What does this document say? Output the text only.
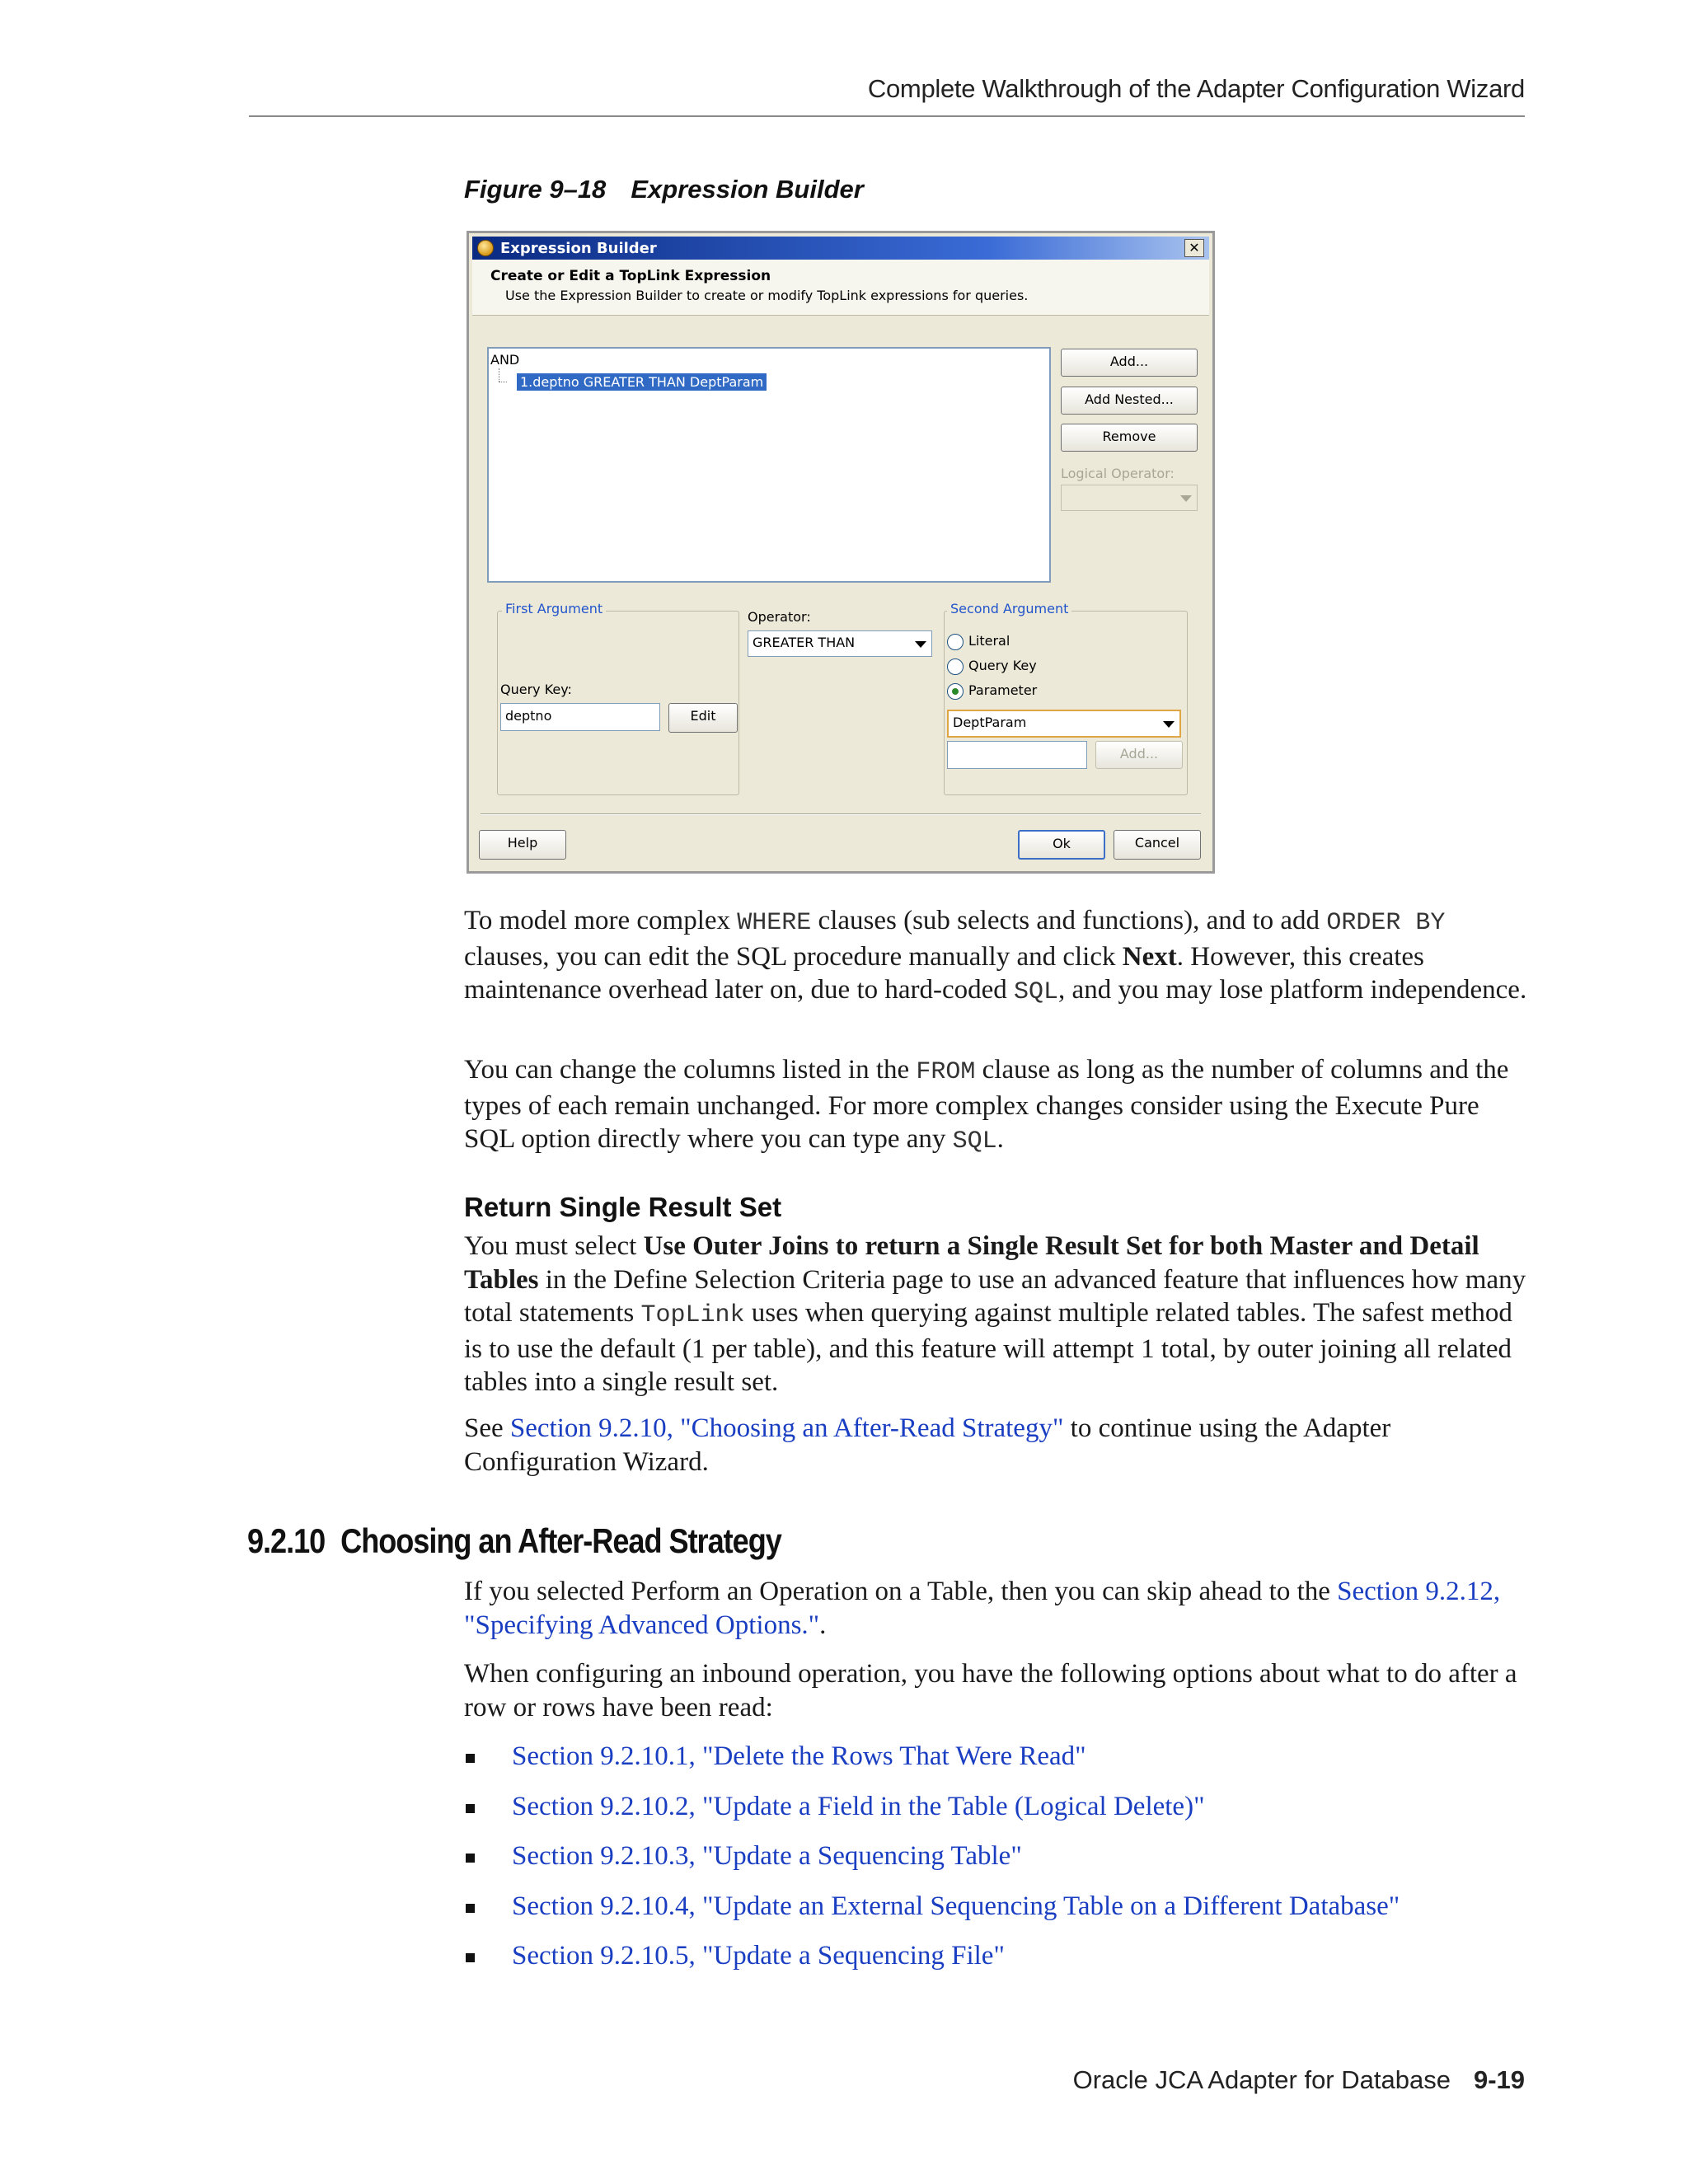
Complete Walkthrough of the Adapter Configuration Wizard
Figure 9–18 Expression Builder
Expression Builder	✕
Create or Edit a TopLink Expression
Use the Expression Builder to create or modify TopLink expressions for queries.
AND
1.deptno GREATER THAN DeptParam
Add...
Add Nested...
Remove
Logical Operator:
First Argument
Query Key:
deptno	Edit
Operator:
GREATER THAN
Second Argument
Literal
Query Key
Parameter
DeptParam
Add...
Help	Ok	Cancel

To model more complex WHERE clauses (sub selects and functions), and to add ORDER BY clauses, you can edit the SQL procedure manually and click Next. However, this creates maintenance overhead later on, due to hard-coded SQL, and you may lose platform independence.

You can change the columns listed in the FROM clause as long as the number of columns and the types of each remain unchanged. For more complex changes consider using the Execute Pure SQL option directly where you can type any SQL.

Return Single Result Set

You must select Use Outer Joins to return a Single Result Set for both Master and Detail Tables in the Define Selection Criteria page to use an advanced feature that influences how many total statements TopLink uses when querying against multiple related tables. The safest method is to use the default (1 per table), and this feature will attempt 1 total, by outer joining all related tables into a single result set.

See Section 9.2.10, "Choosing an After-Read Strategy" to continue using the Adapter Configuration Wizard.

9.2.10 Choosing an After-Read Strategy

If you selected Perform an Operation on a Table, then you can skip ahead to the Section 9.2.12, "Specifying Advanced Options.".

When configuring an inbound operation, you have the following options about what to do after a row or rows have been read:

Section 9.2.10.1, "Delete the Rows That Were Read"
Section 9.2.10.2, "Update a Field in the Table (Logical Delete)"
Section 9.2.10.3, "Update a Sequencing Table"
Section 9.2.10.4, "Update an External Sequencing Table on a Different Database"
Section 9.2.10.5, "Update a Sequencing File"
Oracle JCA Adapter for Database 9-19
